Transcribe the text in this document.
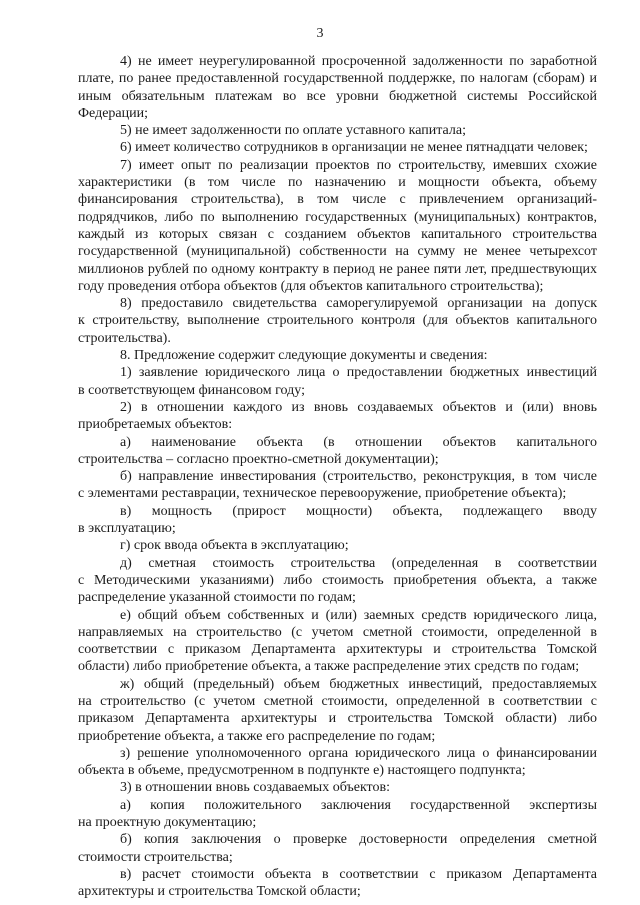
3
4) не имеет неурегулированной просроченной задолженности по заработной
плате, по ранее предоставленной государственной поддержке, по налогам (сборам) и иным обязательным платежам во все уровни бюджетной системы Российской Федерации;
5) не имеет задолженности по оплате уставного капитала;
6) имеет количество сотрудников в организации не менее пятнадцати человек;
7) имеет опыт по реализации проектов по строительству, имевших схожие
характеристики (в том числе по назначению и мощности объекта, объему финансирования строительства), в том числе с привлечением организаций-подрядчиков, либо по выполнению государственных (муниципальных) контрактов, каждый из которых связан с созданием объектов капитального строительства государственной (муниципальной) собственности на сумму не менее четырехсот миллионов рублей по одному контракту в период не ранее пяти лет, предшествующих году проведения отбора объектов (для объектов капитального строительства);
8) предоставило свидетельства саморегулируемой организации на допуск
к строительству, выполнение строительного контроля (для объектов капитального строительства).
8. Предложение содержит следующие документы и сведения:
1) заявление юридического лица о предоставлении бюджетных инвестиций
в соответствующем финансовом году;
2) в отношении каждого из вновь создаваемых объектов и (или) вновь
приобретаемых объектов:
а) наименование объекта (в отношении объектов капитального
строительства – согласно проектно-сметной документации);
б) направление инвестирования (строительство, реконструкция, в том числе
с элементами реставрации, техническое перевооружение, приобретение объекта);
в) мощность (прирост мощности) объекта, подлежащего вводу
в эксплуатацию;
г) срок ввода объекта в эксплуатацию;
д) сметная стоимость строительства (определенная в соответствии
с Методическими указаниями) либо стоимость приобретения объекта, а также распределение указанной стоимости по годам;
е) общий объем собственных и (или) заемных средств юридического лица,
направляемых на строительство (с учетом сметной стоимости, определенной в соответствии с приказом Департамента архитектуры и строительства Томской области) либо приобретение объекта, а также распределение этих средств по годам;
ж) общий (предельный) объем бюджетных инвестиций, предоставляемых
на строительство (с учетом сметной стоимости, определенной в соответствии с приказом Департамента архитектуры и строительства Томской области) либо приобретение объекта, а также его распределение по годам;
з) решение уполномоченного органа юридического лица о финансировании
объекта в объеме, предусмотренном в подпункте е) настоящего подпункта;
3) в отношении вновь создаваемых объектов:
а) копия положительного заключения государственной экспертизы
на проектную документацию;
б) копия заключения о проверке достоверности определения сметной
стоимости строительства;
в) расчет стоимости объекта в соответствии с приказом Департамента
архитектуры и строительства Томской области;
